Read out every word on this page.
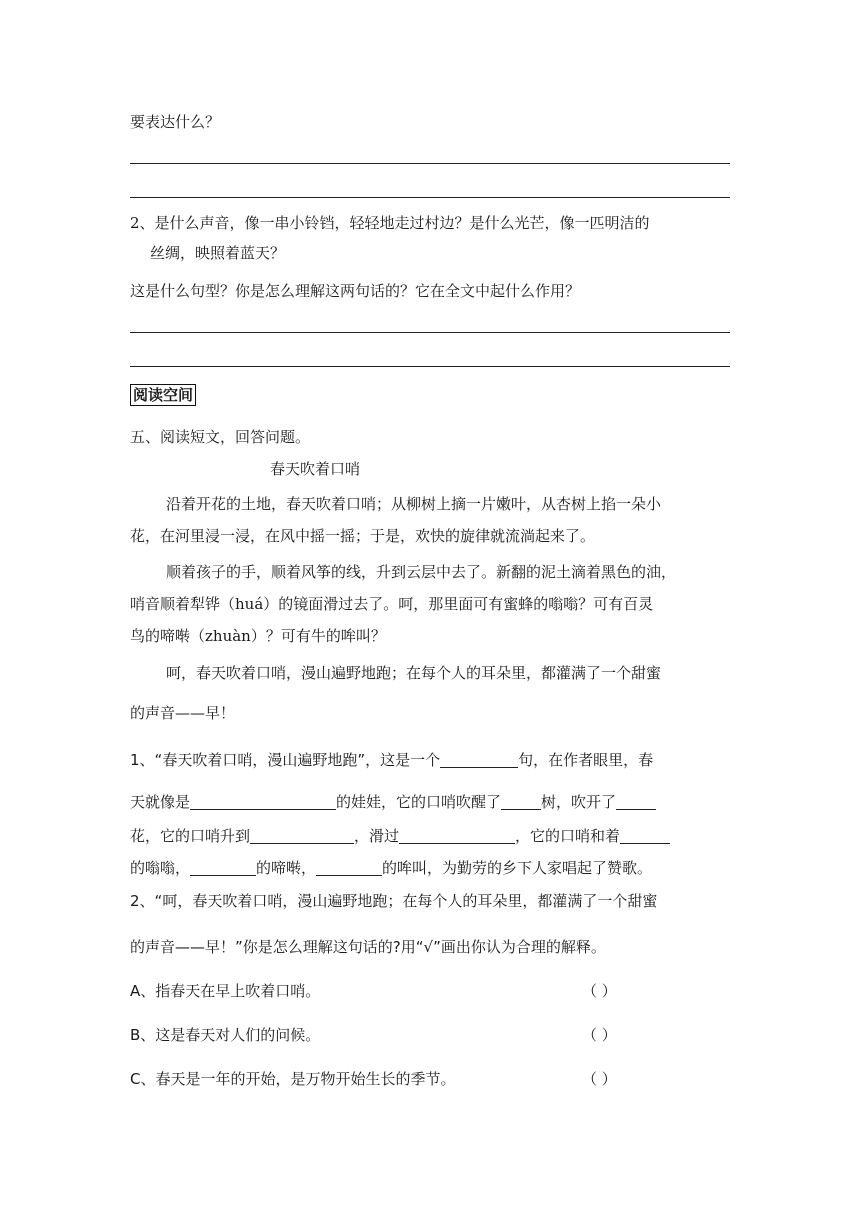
要表达什么？
2、是什么声音，像一串小铃铛，轻轻地走过村边？是什么光芒，像一匹明洁的
丝绸，映照着蓝天？
这是什么句型？你是怎么理解这两句话的？它在全文中起什么作用？
阅读空间
五、阅读短文，回答问题。
春天吹着口哨
沿着开花的土地，春天吹着口哨；从柳树上摘一片嫩叶，从杏树上掐一朵小
花，在河里浸一浸，在风中摇一摇；于是，欢快的旋律就流淌起来了。
顺着孩子的手，顺着风筝的线，升到云层中去了。新翻的泥土滴着黑色的油，
哨音顺着犁铧（huá）的镜面滑过去了。呵，那里面可有蜜蜂的嗡嗡？可有百灵
鸟的啼啭（zhuàn）？可有牛的哞叫？
呵，春天吹着口哨，漫山遍野地跑；在每个人的耳朵里，都灌满了一个甜蜜
的声音——早！
1、“春天吹着口哨，漫山遍野地跑”，这是一个	句，在作者眼里，春
天就像是	的娃娃，它的口哨吹醒了	树，吹开了
花，它的口哨升到	，滑过	，它的口哨和着
的嗡嗡，	的啼啭，	的哞叫，为勤劳的乡下人家唱起了赞歌。
2、“呵，春天吹着口哨，漫山遍野地跑；在每个人的耳朵里，都灌满了一个甜蜜
的声音——早！”你是怎么理解这句话的?用“√”画出你认为合理的解释。
A、指春天在早上吹着口哨。	（ ）
B、这是春天对人们的问候。	（ ）
C、春天是一年的开始，是万物开始生长的季节。	（ ）
